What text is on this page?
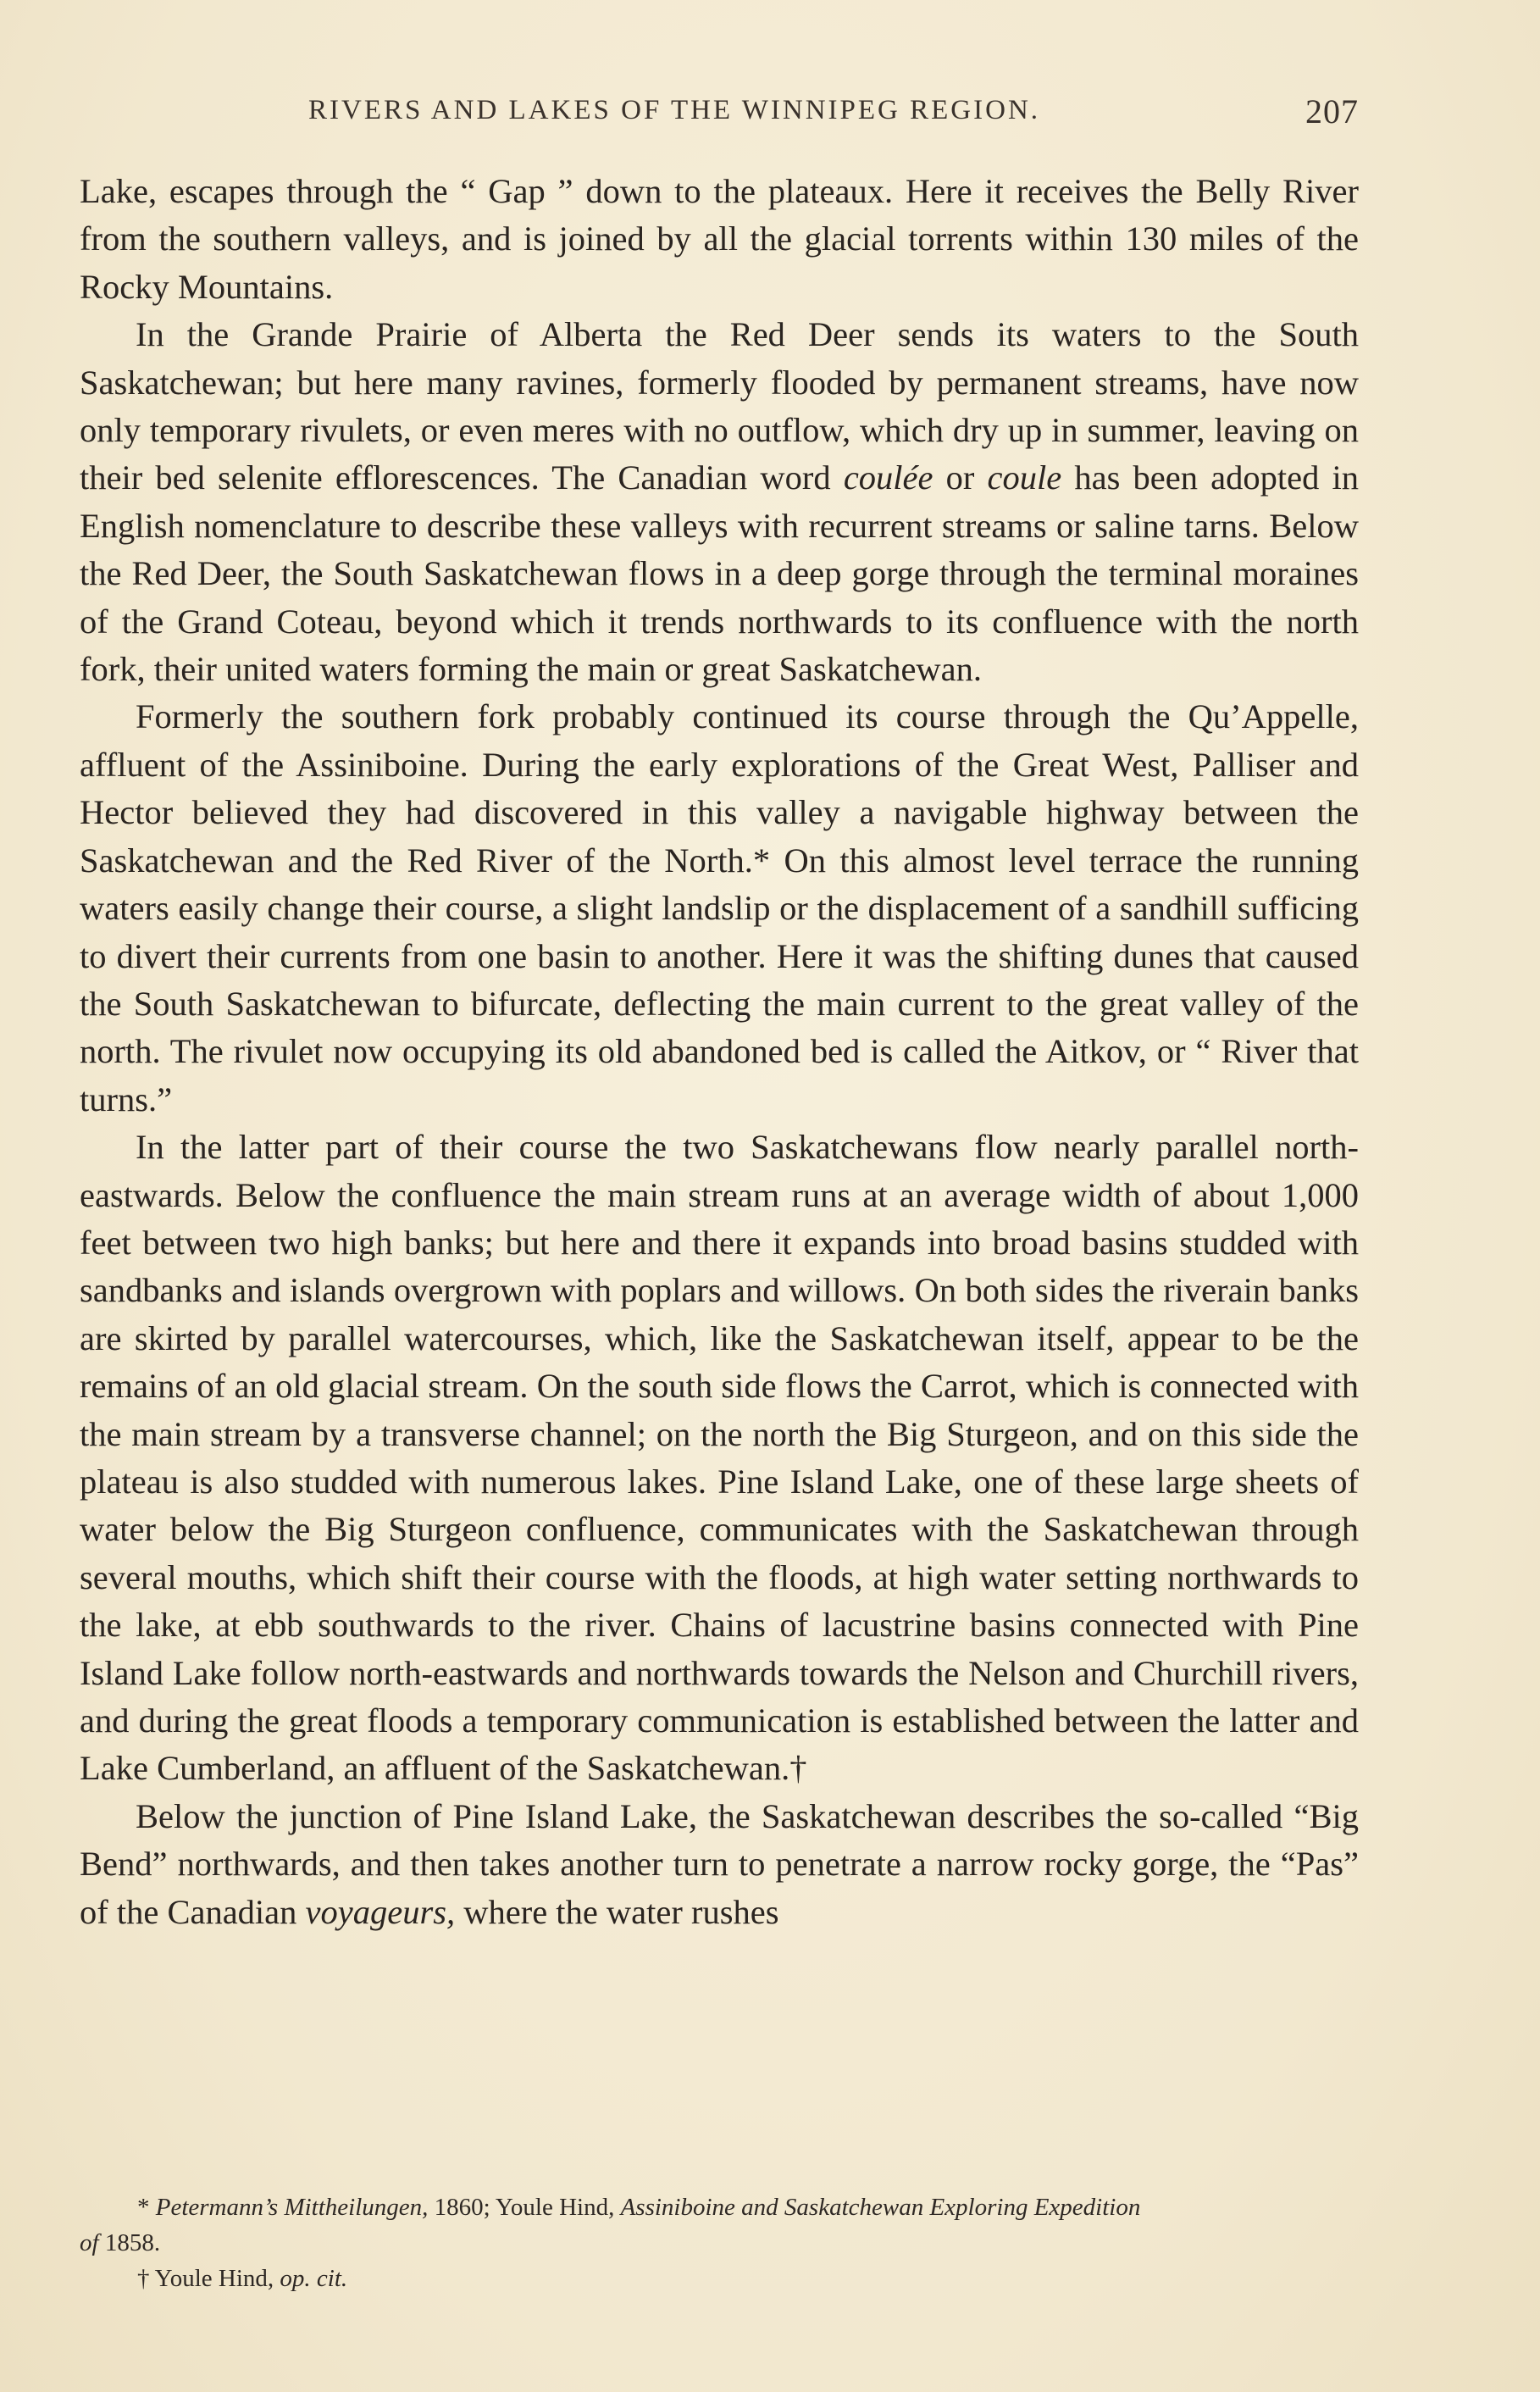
RIVERS AND LAKES OF THE WINNIPEG REGION.	207

Lake, escapes through the “ Gap ” down to the plateaux. Here it receives the Belly River from the southern valleys, and is joined by all the glacial torrents within 130 miles of the Rocky Mountains.

In the Grande Prairie of Alberta the Red Deer sends its waters to the South Saskatchewan; but here many ravines, formerly flooded by permanent streams, have now only temporary rivulets, or even meres with no outflow, which dry up in summer, leaving on their bed selenite efflorescences. The Canadian word coulée or coule has been adopted in English nomenclature to describe these valleys with recurrent streams or saline tarns. Below the Red Deer, the South Saskatchewan flows in a deep gorge through the terminal moraines of the Grand Coteau, beyond which it trends northwards to its confluence with the north fork, their united waters forming the main or great Saskatchewan.

Formerly the southern fork probably continued its course through the Qu’Appelle, affluent of the Assiniboine. During the early explorations of the Great West, Palliser and Hector believed they had discovered in this valley a navigable highway between the Saskatchewan and the Red River of the North.* On this almost level terrace the running waters easily change their course, a slight landslip or the displacement of a sandhill sufficing to divert their currents from one basin to another. Here it was the shifting dunes that caused the South Saskatchewan to bifurcate, deflecting the main current to the great valley of the north. The rivulet now occupying its old abandoned bed is called the Aitkov, or “ River that turns.”

In the latter part of their course the two Saskatchewans flow nearly parallel north-eastwards. Below the confluence the main stream runs at an average width of about 1,000 feet between two high banks; but here and there it expands into broad basins studded with sandbanks and islands overgrown with poplars and willows. On both sides the riverain banks are skirted by parallel watercourses, which, like the Saskatchewan itself, appear to be the remains of an old glacial stream. On the south side flows the Carrot, which is connected with the main stream by a transverse channel; on the north the Big Sturgeon, and on this side the plateau is also studded with numerous lakes. Pine Island Lake, one of these large sheets of water below the Big Sturgeon confluence, communicates with the Saskatchewan through several mouths, which shift their course with the floods, at high water setting northwards to the lake, at ebb southwards to the river. Chains of lacustrine basins connected with Pine Island Lake follow north-eastwards and northwards towards the Nelson and Churchill rivers, and during the great floods a temporary communication is established between the latter and Lake Cumberland, an affluent of the Saskatchewan.†

Below the junction of Pine Island Lake, the Saskatchewan describes the so-called “Big Bend” northwards, and then takes another turn to penetrate a narrow rocky gorge, the “Pas” of the Canadian voyageurs, where the water rushes

* Petermann’s Mittheilungen, 1860; Youle Hind, Assiniboine and Saskatchewan Exploring Expedition

of 1858.

† Youle Hind, op. cit.
